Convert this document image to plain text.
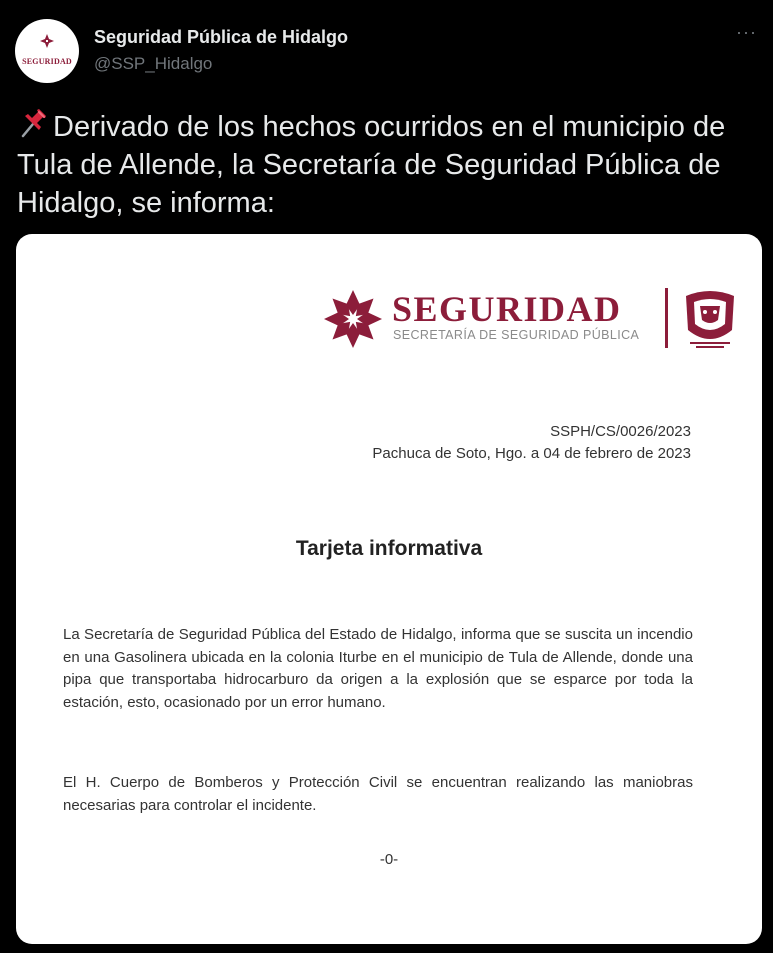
SEGURIDAD
Seguridad Pública de Hidalgo
@SSP_Hidalgo
···
Derivado de los hechos ocurridos en el municipio de Tula de Allende, la Secretaría de Seguridad Pública de Hidalgo, se informa:
SEGURIDAD
SECRETARÍA DE SEGURIDAD PÚBLICA
SSPH/CS/0026/2023
Pachuca de Soto, Hgo. a 04 de febrero de 2023
Tarjeta informativa
La Secretaría de Seguridad Pública del Estado de Hidalgo, informa que se suscita un incendio en una Gasolinera ubicada en la colonia Iturbe en el municipio de Tula de Allende, donde una pipa que transportaba hidrocarburo da origen a la explosión que se esparce por toda la estación, esto, ocasionado por un error humano.
El H. Cuerpo de Bomberos y Protección Civil se encuentran realizando las maniobras necesarias para controlar el incidente.
-0-
